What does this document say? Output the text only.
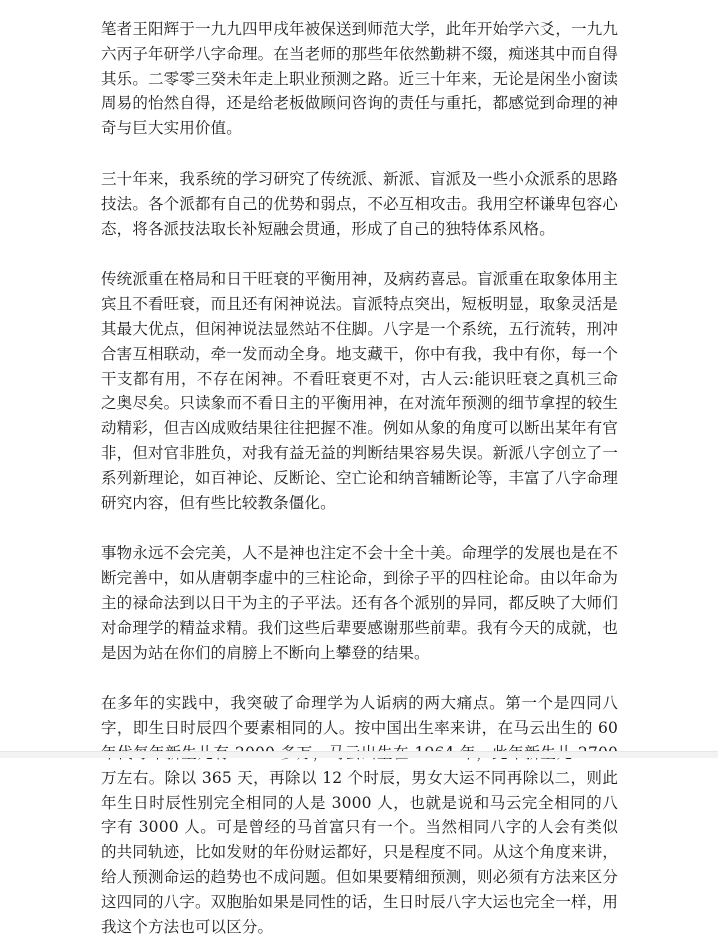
笔者王阳辉于一九九四甲戌年被保送到师范大学，此年开始学六爻，一九九六丙子年研学八字命理。在当老师的那些年依然勤耕不缀，痴迷其中而自得其乐。二零零三癸未年走上职业预测之路。近三十年来，无论是闲坐小窗读周易的怡然自得，还是给老板做顾问咨询的责任与重托，都感觉到命理的神奇与巨大实用价值。

三十年来，我系统的学习研究了传统派、新派、盲派及一些小众派系的思路技法。各个派都有自己的优势和弱点，不必互相攻击。我用空杯谦卑包容心态，将各派技法取长补短融会贯通，形成了自己的独特体系风格。

传统派重在格局和日干旺衰的平衡用神，及病药喜忌。盲派重在取象体用主宾且不看旺衰，而且还有闲神说法。盲派特点突出，短板明显，取象灵活是其最大优点，但闲神说法显然站不住脚。八字是一个系统，五行流转，刑冲合害互相联动，牵一发而动全身。地支藏干，你中有我，我中有你，每一个干支都有用，不存在闲神。不看旺衰更不对，古人云:能识旺衰之真机三命之奥尽矣。只读象而不看日主的平衡用神，在对流年预测的细节拿捏的较生动精彩，但吉凶成败结果往往把握不准。例如从象的角度可以断出某年有官非，但对官非胜负，对我有益无益的判断结果容易失误。新派八字创立了一系列新理论，如百神论、反断论、空亡论和纳音辅断论等，丰富了八字命理研究内容，但有些比较教条僵化。

事物永远不会完美，人不是神也注定不会十全十美。命理学的发展也是在不断完善中，如从唐朝李虚中的三柱论命，到徐子平的四柱论命。由以年命为主的禄命法到以日干为主的子平法。还有各个派别的异同，都反映了大师们对命理学的精益求精。我们这些后辈要感谢那些前辈。我有今天的成就，也是因为站在你们的肩膀上不断向上攀登的结果。

在多年的实践中，我突破了命理学为人诟病的两大痛点。第一个是四同八字，即生日时辰四个要素相同的人。按中国出生率来讲，在马云出生的 60 万左右。除以 365 天，再除以 12 个时辰，男女大运不同再除以二，则此年生日时辰性别完全相同的人是 3000 人，也就是说和马云完全相同的八字有 3000 人。可是曾经的马首富只有一个。当然相同八字的人会有类似的共同轨迹，比如发财的年份财运都好，只是程度不同。从这个角度来讲，给人预测命运的趋势也不成问题。但如果要精细预测，则必须有方法来区分这四同的八字。双胞胎如果是同性的话，生日时辰八字大运也完全一样，用我这个方法也可以区分。
